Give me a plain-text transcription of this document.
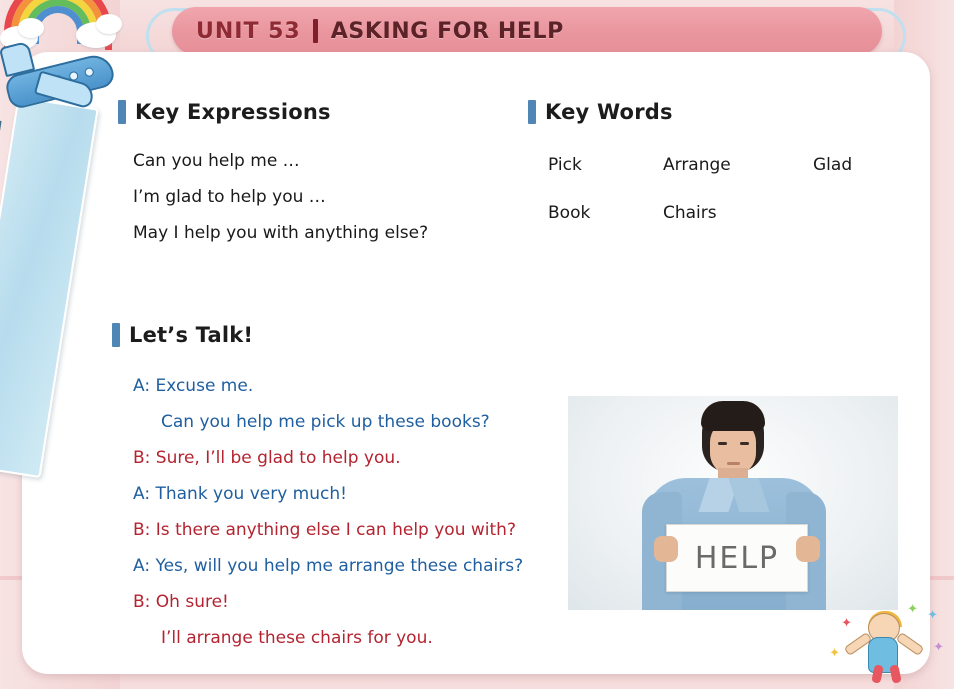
UNIT 53 ASKING FOR HELP
Key Expressions
Can you help me …
I’m glad to help you …
May I help you with anything else?
Key Words
Pick	Arrange	Glad
Book	Chairs
Let’s Talk!
A: Excuse me.
Can you help me pick up these books?
B: Sure, I’ll be glad to help you.
A: Thank you very much!
B: Is there anything else I can help you with?
A: Yes, will you help me arrange these chairs?
B: Oh sure!
I’ll arrange these chairs for you.
HELP
✦
✦
✦
✦	✦
